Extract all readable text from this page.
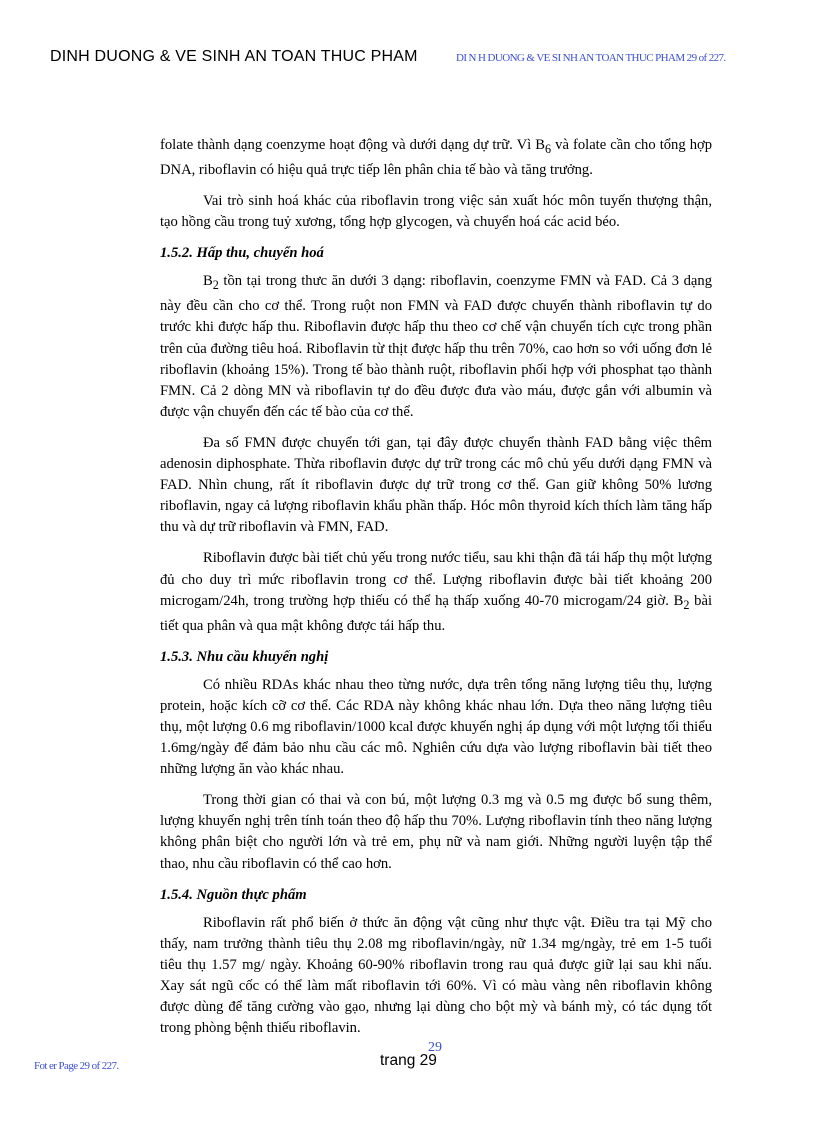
DINH DUONG & VE SINH AN TOAN THUC PHAM	DI N H DUONG & VE SI NH AN TOAN THUC PHAM 29 of 227.

folate thành dạng coenzyme hoạt động và dưới dạng dự trữ. Vì $B_6$ và folate cần cho tổng hợp DNA, riboflavin có hiệu quả trực tiếp lên phân chia tế bào và tăng trưởng.

Vai trò sinh hoá khác của riboflavin trong việc sản xuất hóc môn tuyến thượng thận, tạo hồng cầu trong tuỷ xương, tổng hợp glycogen, và chuyển hoá các acid béo.

1.5.2. Hấp thu, chuyển hoá

$B_2$ tồn tại trong thưc ăn dưới 3 dạng: riboflavin, coenzyme FMN và FAD. Cả 3 dạng này đều cần cho cơ thể. Trong ruột non FMN và FAD được chuyển thành riboflavin tự do trước khi được hấp thu. Riboflavin được hấp thu theo cơ chế vận chuyển tích cực trong phần trên của đường tiêu hoá. Riboflavin từ thịt được hấp thu trên 70%, cao hơn so với uống đơn lẻ riboflavin (khoảng 15%). Trong tế bào thành ruột, riboflavin phối hợp với phosphat tạo thành FMN. Cả 2 dòng MN và riboflavin tự do đều được đưa vào máu, được gắn với albumin và được vận chuyển đến các tế bào của cơ thể.

Đa số FMN được chuyển tới gan, tại đây được chuyển thành FAD bằng việc thêm adenosin diphosphate. Thừa riboflavin được dự trữ trong các mô chủ yếu dưới dạng FMN và FAD. Nhìn chung, rất ít riboflavin được dự trữ trong cơ thể. Gan giữ không 50% lương riboflavin, ngay cả lượng riboflavin khẩu phần thấp. Hóc môn thyroid kích thích làm tăng hấp thu và dự trữ riboflavin và FMN, FAD.

Riboflavin được bài tiết chủ yếu trong nước tiểu, sau khi thận đã tái hấp thụ một lượng đủ cho duy trì mức riboflavin trong cơ thể. Lượng riboflavin được bài tiết khoảng 200 microgam/24h, trong trường hợp thiếu có thể hạ thấp xuống 40-70 microgam/24 giờ. $B_2$ bài tiết qua phân và qua mật không được tái hấp thu.

1.5.3. Nhu cầu khuyến nghị

Có nhiều RDAs khác nhau theo từng nước, dựa trên tổng năng lượng tiêu thụ, lượng protein, hoặc kích cỡ cơ thể. Các RDA này không khác nhau lớn. Dựa theo năng lượng tiêu thụ, một lượng 0.6 mg riboflavin/1000 kcal được khuyến nghị áp dụng với một lượng tối thiểu 1.6mg/ngày để đảm bảo nhu cầu các mô. Nghiên cứu dựa vào lượng riboflavin bài tiết theo những lượng ăn vào khác nhau.

Trong thời gian có thai và con bú, một lượng 0.3 mg và 0.5 mg được bổ sung thêm, lượng khuyến nghị trên tính toán theo độ hấp thu 70%. Lượng riboflavin tính theo năng lượng không phân biệt cho người lớn và trẻ em, phụ nữ và nam giới. Những người luyện tập thể thao, nhu cầu riboflavin có thể cao hơn.

1.5.4. Nguồn thực phẩm

Riboflavin rất phổ biến ở thức ăn động vật cũng như thực vật. Điều tra tại Mỹ cho thấy, nam trưởng thành tiêu thụ 2.08 mg riboflavin/ngày, nữ 1.34 mg/ngày, trẻ em 1-5 tuổi tiêu thụ 1.57 mg/ ngày. Khoảng 60-90% riboflavin trong rau quả được giữ lại sau khi nấu. Xay sát ngũ cốc có thể làm mất riboflavin tới 60%. Vì có màu vàng nên riboflavin không được dùng để tăng cường vào gạo, nhưng lại dùng cho bột mỳ và bánh mỳ, có tác dụng tốt trong phòng bệnh thiếu riboflavin.

Fot er Page 29 of 227.
29
trang 29
